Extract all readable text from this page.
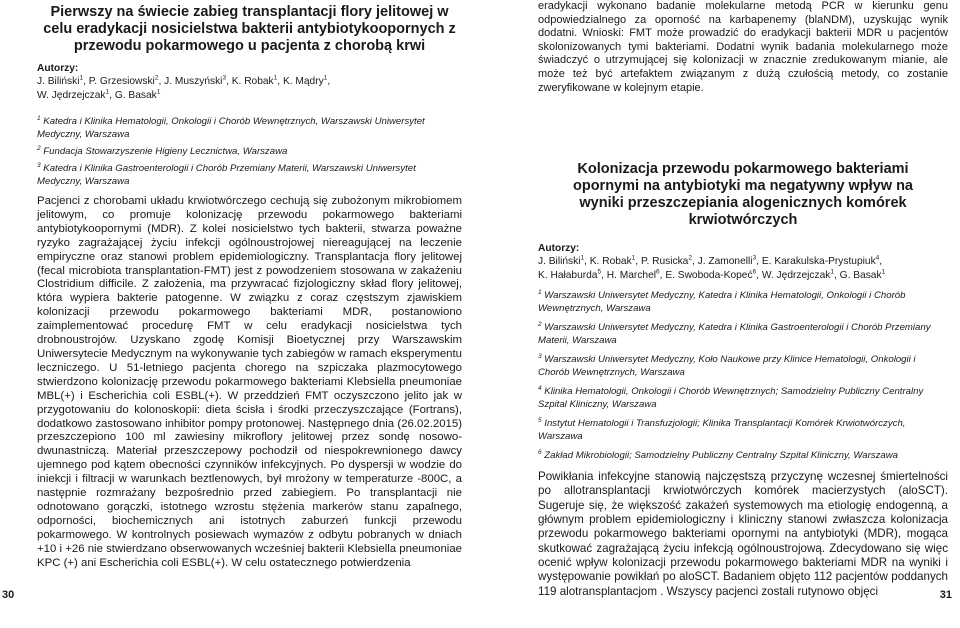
Pierwszy na świecie zabieg transplantacji flory jelitowej w celu eradykacji nosicielstwa bakterii antybiotykoopornych z przewodu pokarmowego u pacjenta z chorobą krwi
Autorzy:

J. Biliński$^1$, P. Grzesiowski$^2$, J. Muszyński$^3$, K. Robak$^1$, K. Mądry$^1$,
W. Jędrzejczak$^1$, G. Basak$^1$

$^1$ Katedra i Klinika Hematologii, Onkologii i Chorób Wewnętrznych, Warszawski Uniwersytet Medyczny, Warszawa

$^2$ Fundacja Stowarzyszenie Higieny Lecznictwa, Warszawa

$^3$ Katedra i Klinika Gastroenterologii i Chorób Przemiany Materii, Warszawski Uniwersytet Medyczny, Warszawa

Pacjenci z chorobami układu krwiotwórczego cechują się zubożonym mikrobiomem jelitowym, co promuje kolonizację przewodu pokarmowego bakteriami antybiotykoopornymi (MDR). Z kolei nosicielstwo tych bakterii, stwarza poważne ryzyko zagrażającej życiu infekcji ogólnoustrojowej niereagującej na leczenie empiryczne oraz stanowi problem epidemiologiczny. Transplantacja flory jelitowej (fecal microbiota transplantation-FMT) jest z powodzeniem stosowana w zakażeniu Clostridium difficile. Z założenia, ma przywracać fizjologiczny skład flory jelitowej, która wypiera bakterie patogenne. W związku z coraz częstszym zjawiskiem kolonizacji przewodu pokarmowego bakteriami MDR, postanowiono zaimplementować procedurę FMT w celu eradykacji nosicielstwa tych drobnoustrojów. Uzyskano zgodę Komisji Bioetycznej przy Warszawskim Uniwersytecie Medycznym na wykonywanie tych zabiegów w ramach eksperymentu leczniczego. U 51-letniego pacjenta chorego na szpiczaka plazmocytowego stwierdzono kolonizację przewodu pokarmowego bakteriami Klebsiella pneumoniae MBL(+) i Escherichia coli ESBL(+). W przeddzień FMT oczyszczono jelito jak w przygotowaniu do kolonoskopii: dieta ścisła i środki przeczyszczające (Fortrans), dodatkowo zastosowano inhibitor pompy protonowej. Następnego dnia (26.02.2015) przeszczepiono 100 ml zawiesiny mikroflory jelitowej przez sondę nosowo-dwunastniczą. Materiał przeszczepowy pochodził od niespokrewnionego dawcy ujemnego pod kątem obecności czynników infekcyjnych. Po dyspersji w wodzie do iniekcji i filtracji w warunkach beztlenowych, był mrożony w temperaturze -800C, a następnie rozmrażany bezpośrednio przed zabiegiem. Po transplantacji nie odnotowano gorączki, istotnego wzrostu stężenia markerów stanu zapalnego, odporności, biochemicznych ani istotnych zaburzeń funkcji przewodu pokarmowego. W kontrolnych posiewach wymazów z odbytu pobranych w dniach +10 i +26 nie stwierdzano obserwowanych wcześniej bakterii Klebsiella pneumoniae KPC (+) ani Escherichia coli ESBL(+). W celu ostatecznego potwierdzenia

eradykacji wykonano badanie molekularne metodą PCR w kierunku genu odpowiedzialnego za oporność na karbapenemy (blaNDM), uzyskując wynik dodatni. Wnioski: FMT może prowadzić do eradykacji bakterii MDR u pacjentów skolonizowanych tymi bakteriami. Dodatni wynik badania molekularnego może świadczyć o utrzymującej się kolonizacji w znacznie zredukowanym mianie, ale może też być artefaktem związanym z dużą czułością metody, co zostanie zweryfikowane w kolejnym etapie.

Kolonizacja przewodu pokarmowego bakteriami opornymi na antybiotyki ma negatywny wpływ na wyniki przeszczepiania alogenicznych komórek krwiotwórczych
Autorzy:

J. Biliński$^1$, K. Robak$^1$, P. Rusicka$^2$, J. Zamonelli$^3$, E. Karakulska-Prystupiuk$^4$,
K. Hałaburda$^5$, H. Marchel$^6$, E. Swoboda-Kopeć$^6$, W. Jędrzejczak$^1$, G. Basak$^1$

$^1$ Warszawski Uniwersytet Medyczny, Katedra i Klinika Hematologii, Onkologii i Chorób Wewnętrznych, Warszawa

$^2$ Warszawski Uniwersytet Medyczny, Katedra i Klinika Gastroenterologii i Chorób Przemiany Materii, Warszawa

$^3$ Warszawski Uniwersytet Medyczny, Koło Naukowe przy Klinice Hematologii, Onkologii i Chorób Wewnętrznych, Warszawa

$^4$ Klinika Hematologii, Onkologii i Chorób Wewnętrznych; Samodzielny Publiczny Centralny Szpital Kliniczny, Warszawa

$^5$ Instytut Hematologii i Transfuzjologii; Klinika Transplantacji Komórek Krwiotwórczych, Warszawa

$^6$ Zakład Mikrobiologii; Samodzielny Publiczny Centralny Szpital Kliniczny, Warszawa

Powikłania infekcyjne stanowią najczęstszą przyczynę wczesnej śmiertelności po allotransplantacji krwiotwórczych komórek macierzystych (aloSCT). Sugeruje się, że większość zakażeń systemowych ma etiologię endogenną, a głównym problem epidemiologiczny i kliniczny stanowi zwłaszcza kolonizacja przewodu pokarmowego bakteriami opornymi na antybiotyki (MDR), mogąca skutkować zagrażającą życiu infekcją ogólnoustrojową. Zdecydowano się więc ocenić wpływ kolonizacji przewodu pokarmowego bakteriami MDR na wyniki i występowanie powikłań po aloSCT. Badaniem objęto 112 pacjentów poddanych 119 alotransplantacjom . Wszyscy pacjenci zostali rutynowo objęci

30	31
